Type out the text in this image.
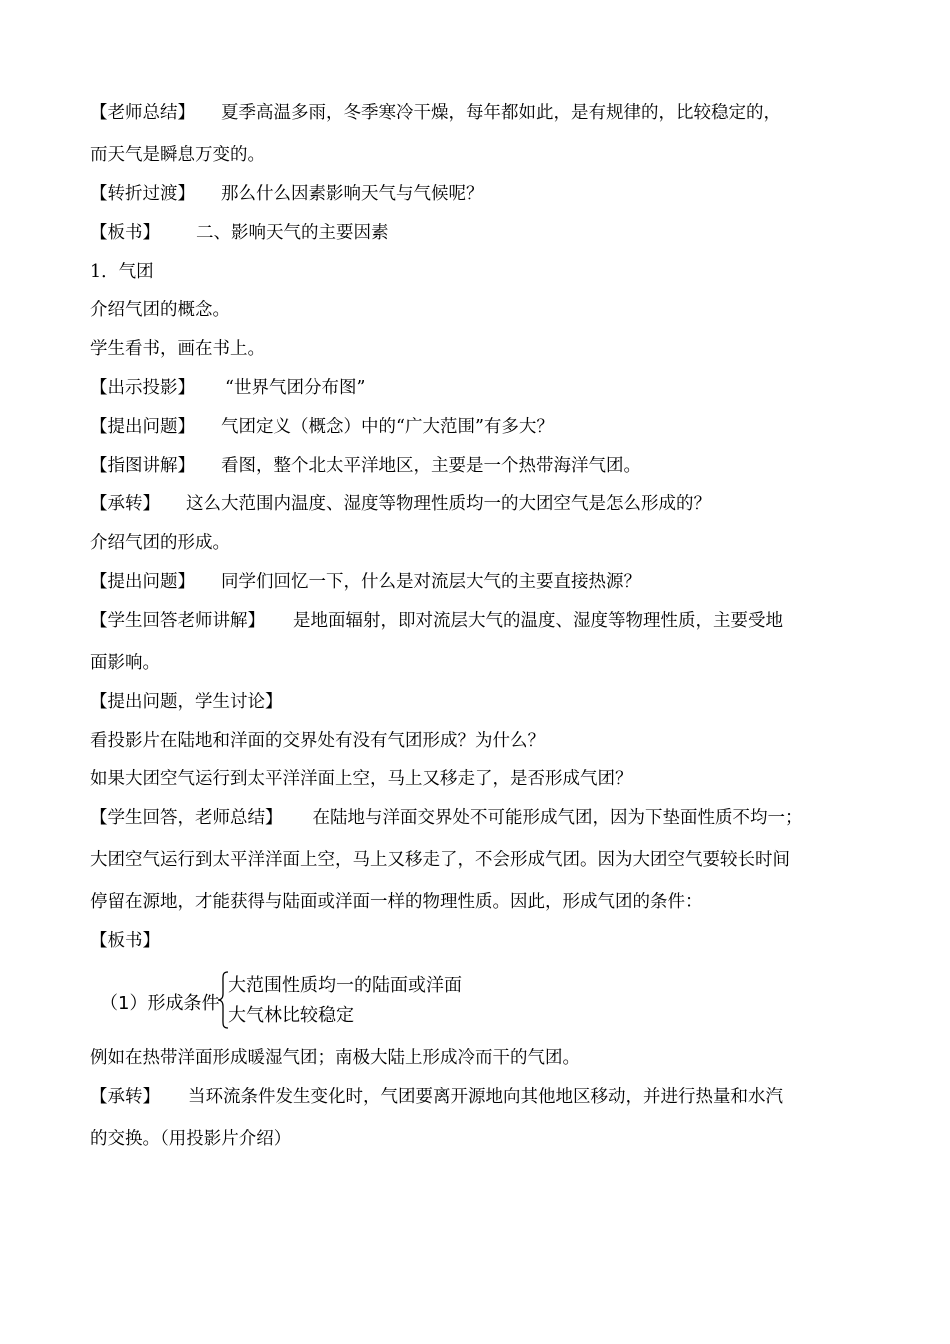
【老师总结】 夏季高温多雨，冬季寒冷干燥，每年都如此，是有规律的，比较稳定的，
而天气是瞬息万变的。
【转折过渡】 那么什么因素影响天气与气候呢？
【板书】 二、影响天气的主要因素
1．气团
介绍气团的概念。
学生看书，画在书上。
【出示投影】 “世界气团分布图”
【提出问题】 气团定义（概念）中的“广大范围”有多大？
【指图讲解】 看图，整个北太平洋地区，主要是一个热带海洋气团。
【承转】 这么大范围内温度、湿度等物理性质均一的大团空气是怎么形成的？
介绍气团的形成。
【提出问题】 同学们回忆一下，什么是对流层大气的主要直接热源？
【学生回答老师讲解】 是地面辐射，即对流层大气的温度、湿度等物理性质，主要受地
面影响。
【提出问题，学生讨论】
看投影片在陆地和洋面的交界处有没有气团形成？为什么？
如果大团空气运行到太平洋洋面上空，马上又移走了，是否形成气团？
【学生回答，老师总结】 在陆地与洋面交界处不可能形成气团，因为下垫面性质不均一；
大团空气运行到太平洋洋面上空，马上又移走了，不会形成气团。因为大团空气要较长时间
停留在源地，才能获得与陆面或洋面一样的物理性质。因此，形成气团的条件：
【板书】
（1）形成条件
大范围性质均一的陆面或洋面
大气林比较稳定
例如在热带洋面形成暖湿气团；南极大陆上形成冷而干的气团。
【承转】 当环流条件发生变化时，气团要离开源地向其他地区移动，并进行热量和水汽
的交换。（用投影片介绍）
